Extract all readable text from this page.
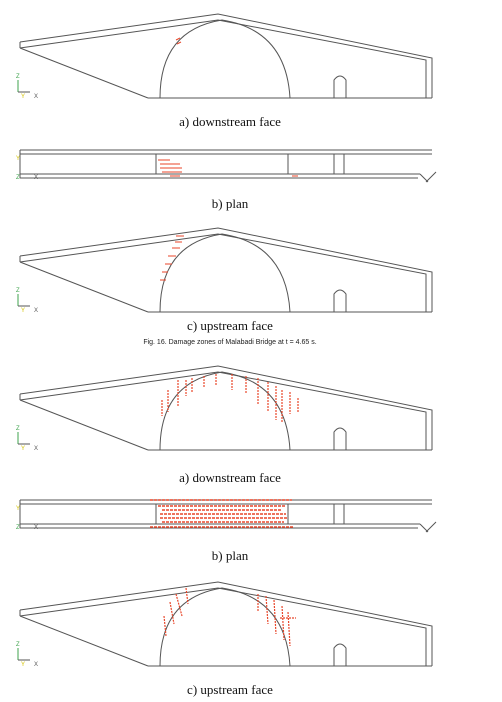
Z
Y X
a) downstream face
Y
Z X
b) plan
Z
Y X
c) upstream face
Fig. 16. Damage zones of Malabadi Bridge at t = 4.65 s.
Z
Y X
a) downstream face
Y
Z X
b) plan
Z
Y X
c) upstream face
